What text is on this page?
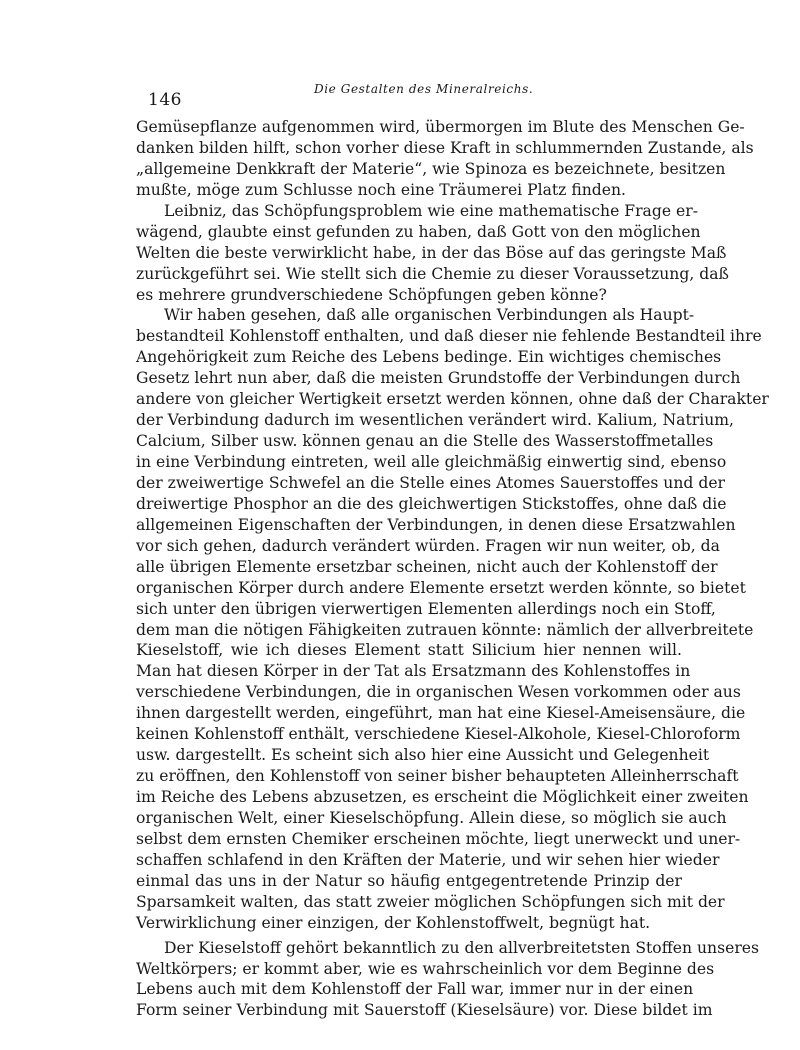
146
Die Gestalten des Mineralreichs.
Gemüsepflanze aufgenommen wird, übermorgen im Blute des Menschen Ge-
danken bilden hilft, schon vorher diese Kraft in schlummernden Zustande, als
„allgemeine Denkkraft der Materie“, wie Spinoza es bezeichnete, besitzen
mußte, möge zum Schlusse noch eine Träumerei Platz finden.
Leibniz, das Schöpfungsproblem wie eine mathematische Frage er-
wägend, glaubte einst gefunden zu haben, daß Gott von den möglichen
Welten die beste verwirklicht habe, in der das Böse auf das geringste Maß
zurückgeführt sei. Wie stellt sich die Chemie zu dieser Voraussetzung, daß
es mehrere grundverschiedene Schöpfungen geben könne?
Wir haben gesehen, daß alle organischen Verbindungen als Haupt-
bestandteil Kohlenstoff enthalten, und daß dieser nie fehlende Bestandteil ihre
Angehörigkeit zum Reiche des Lebens bedinge. Ein wichtiges chemisches
Gesetz lehrt nun aber, daß die meisten Grundstoffe der Verbindungen durch
andere von gleicher Wertigkeit ersetzt werden können, ohne daß der Charakter
der Verbindung dadurch im wesentlichen verändert wird. Kalium, Natrium,
Calcium, Silber usw. können genau an die Stelle des Wasserstoffmetalles
in eine Verbindung eintreten, weil alle gleichmäßig einwertig sind, ebenso
der zweiwertige Schwefel an die Stelle eines Atomes Sauerstoffes und der
dreiwertige Phosphor an die des gleichwertigen Stickstoffes, ohne daß die
allgemeinen Eigenschaften der Verbindungen, in denen diese Ersatzwahlen
vor sich gehen, dadurch verändert würden. Fragen wir nun weiter, ob, da
alle übrigen Elemente ersetzbar scheinen, nicht auch der Kohlenstoff der
organischen Körper durch andere Elemente ersetzt werden könnte, so bietet
sich unter den übrigen vierwertigen Elementen allerdings noch ein Stoff,
dem man die nötigen Fähigkeiten zutrauen könnte: nämlich der allverbreitete
Kieselstoff, wie ich dieses Element statt Silicium hier nennen will.
Man hat diesen Körper in der Tat als Ersatzmann des Kohlenstoffes in
verschiedene Verbindungen, die in organischen Wesen vorkommen oder aus
ihnen dargestellt werden, eingeführt, man hat eine Kiesel-Ameisensäure, die
keinen Kohlenstoff enthält, verschiedene Kiesel-Alkohole, Kiesel-Chloroform
usw. dargestellt. Es scheint sich also hier eine Aussicht und Gelegenheit
zu eröffnen, den Kohlenstoff von seiner bisher behaupteten Alleinherrschaft
im Reiche des Lebens abzusetzen, es erscheint die Möglichkeit einer zweiten
organischen Welt, einer Kieselschöpfung. Allein diese, so möglich sie auch
selbst dem ernsten Chemiker erscheinen möchte, liegt unerweckt und uner-
schaffen schlafend in den Kräften der Materie, und wir sehen hier wieder
einmal das uns in der Natur so häufig entgegentretende Prinzip der
Sparsamkeit walten, das statt zweier möglichen Schöpfungen sich mit der
Verwirklichung einer einzigen, der Kohlenstoffwelt, begnügt hat.
Der Kieselstoff gehört bekanntlich zu den allverbreitetsten Stoffen unseres
Weltkörpers; er kommt aber, wie es wahrscheinlich vor dem Beginne des
Lebens auch mit dem Kohlenstoff der Fall war, immer nur in der einen
Form seiner Verbindung mit Sauerstoff (Kieselsäure) vor. Diese bildet im
